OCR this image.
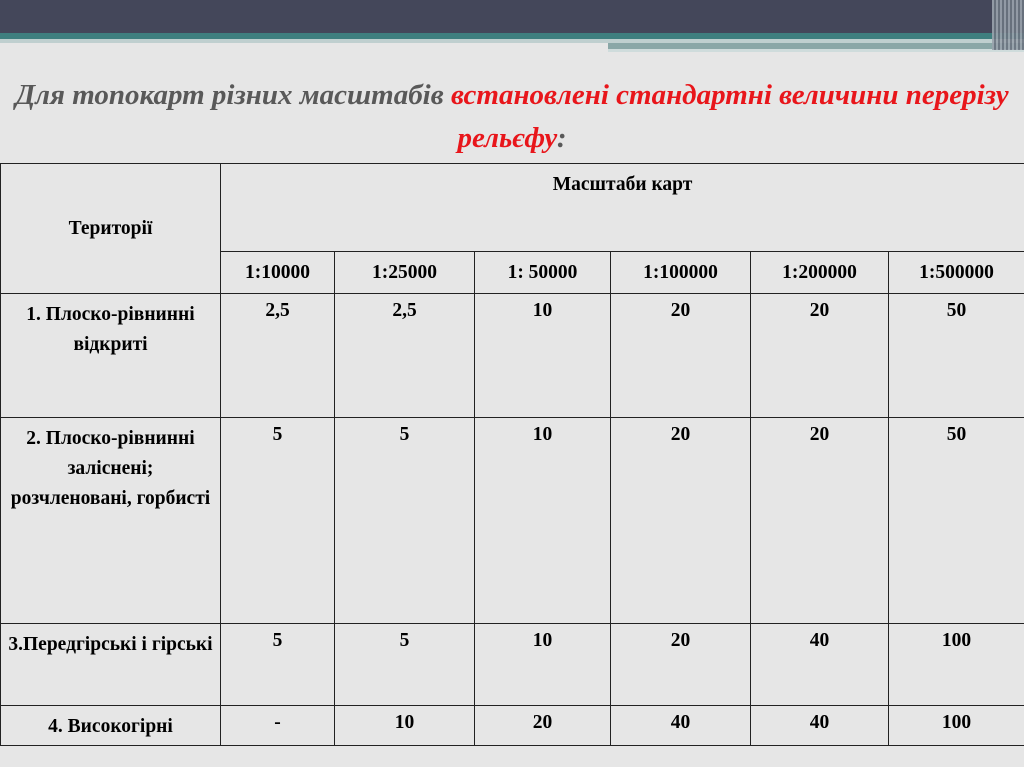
Для топокарт різних масштабів встановлені стандартні величини перерізу рельєфу:
Території	Масштаби карт					
	1:10000	1:25000	1: 50000	1:100000	1:200000	1:500000
1. Плоско-рівнинні відкриті	2,5	2,5	10	20	20	50
2. Плоско-рівнинні заліснені; розчленовані, горбисті	5	5	10	20	20	50
3.Передгірські і гірські	5	5	10	20	40	100
4. Високогірні	-	10	20	40	40	100
